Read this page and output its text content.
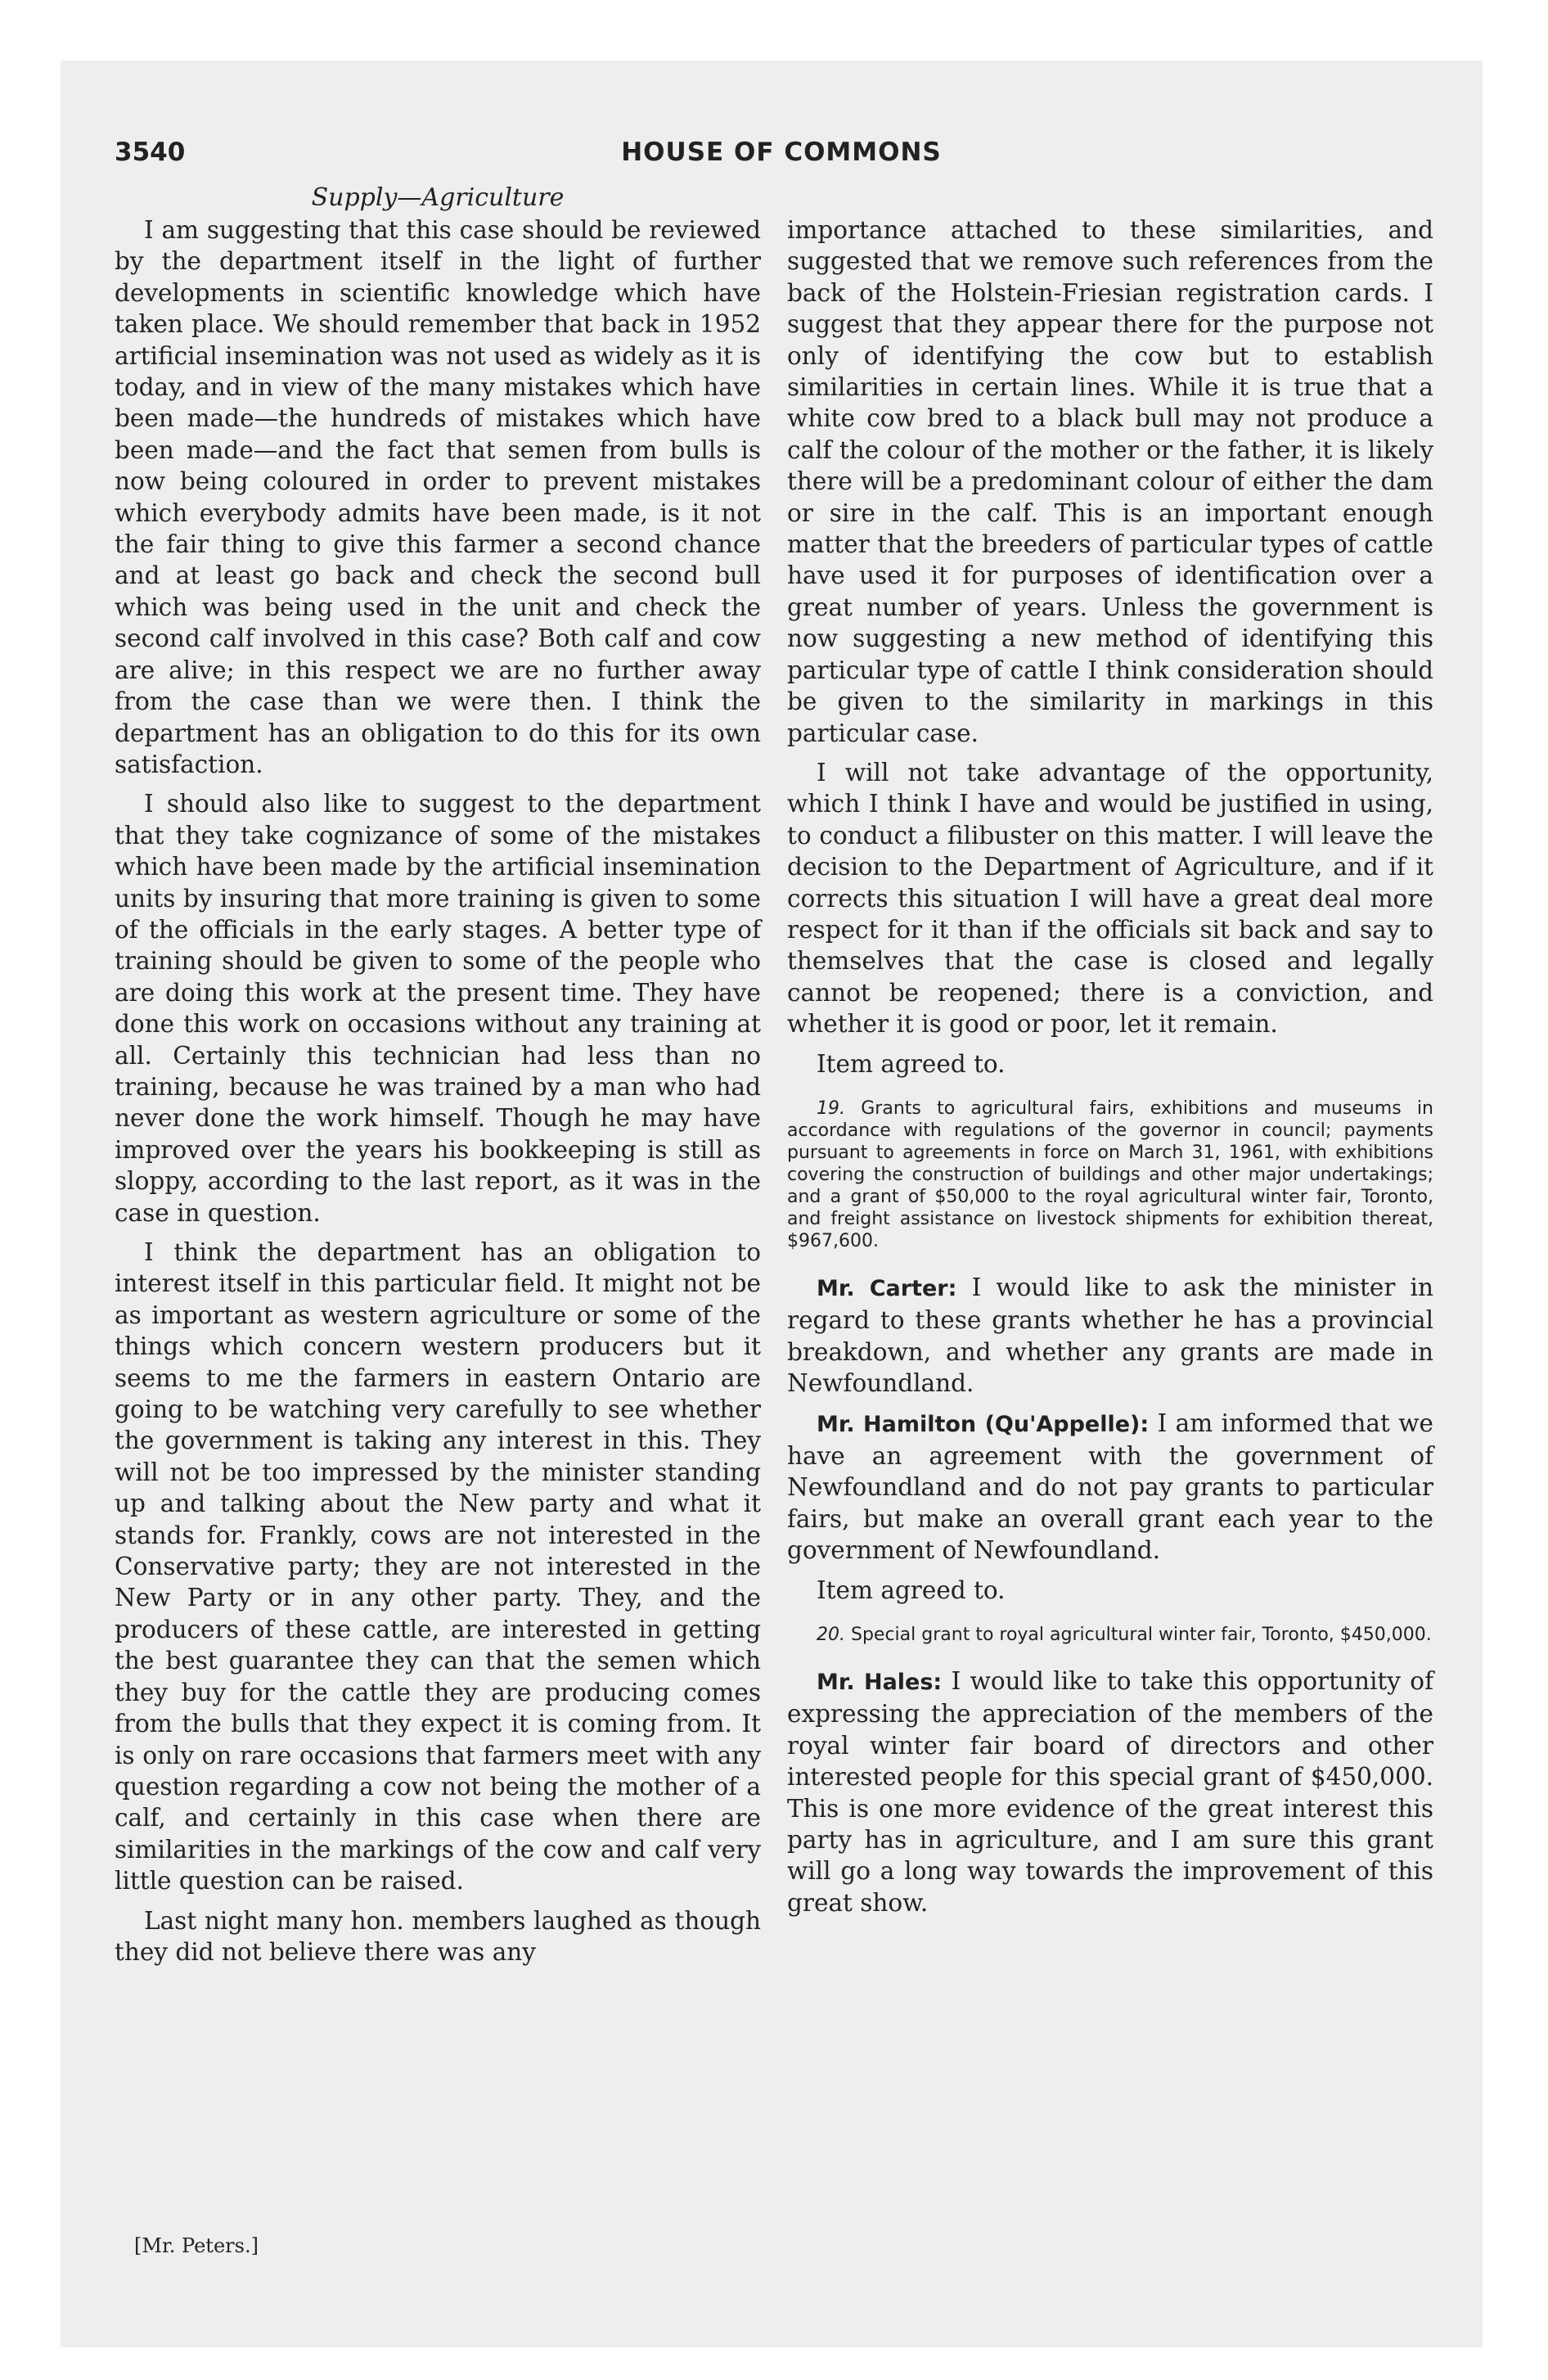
3540	HOUSE OF COMMONS
Supply—Agriculture

I am suggesting that this case should be reviewed by the department itself in the light of further developments in scientific knowledge which have taken place. We should remember that back in 1952 artificial insemination was not used as widely as it is today, and in view of the many mistakes which have been made—the hundreds of mistakes which have been made—and the fact that semen from bulls is now being coloured in order to prevent mistakes which everybody admits have been made, is it not the fair thing to give this farmer a second chance and at least go back and check the second bull which was being used in the unit and check the second calf involved in this case? Both calf and cow are alive; in this respect we are no further away from the case than we were then. I think the department has an obligation to do this for its own satisfaction.

I should also like to suggest to the department that they take cognizance of some of the mistakes which have been made by the artificial insemination units by insuring that more training is given to some of the officials in the early stages. A better type of training should be given to some of the people who are doing this work at the present time. They have done this work on occasions without any training at all. Certainly this technician had less than no training, because he was trained by a man who had never done the work himself. Though he may have improved over the years his bookkeeping is still as sloppy, according to the last report, as it was in the case in question.

I think the department has an obligation to interest itself in this particular field. It might not be as important as western agriculture or some of the things which concern western producers but it seems to me the farmers in eastern Ontario are going to be watching very carefully to see whether the government is taking any interest in this. They will not be too impressed by the minister standing up and talking about the New party and what it stands for. Frankly, cows are not interested in the Conservative party; they are not interested in the New Party or in any other party. They, and the producers of these cattle, are interested in getting the best guarantee they can that the semen which they buy for the cattle they are producing comes from the bulls that they expect it is coming from. It is only on rare occasions that farmers meet with any question regarding a cow not being the mother of a calf, and certainly in this case when there are similarities in the markings of the cow and calf very little question can be raised.

Last night many hon. members laughed as though they did not believe there was any

importance attached to these similarities, and suggested that we remove such references from the back of the Holstein-Friesian registration cards. I suggest that they appear there for the purpose not only of identifying the cow but to establish similarities in certain lines. While it is true that a white cow bred to a black bull may not produce a calf the colour of the mother or the father, it is likely there will be a predominant colour of either the dam or sire in the calf. This is an important enough matter that the breeders of particular types of cattle have used it for purposes of identification over a great number of years. Unless the government is now suggesting a new method of identifying this particular type of cattle I think consideration should be given to the similarity in markings in this particular case.

I will not take advantage of the opportunity, which I think I have and would be justified in using, to conduct a filibuster on this matter. I will leave the decision to the Department of Agriculture, and if it corrects this situation I will have a great deal more respect for it than if the officials sit back and say to themselves that the case is closed and legally cannot be reopened; there is a conviction, and whether it is good or poor, let it remain.

Item agreed to.

19. Grants to agricultural fairs, exhibitions and museums in accordance with regulations of the governor in council; payments pursuant to agreements in force on March 31, 1961, with exhibitions covering the construction of buildings and other major undertakings; and a grant of $50,000 to the royal agricultural winter fair, Toronto, and freight assistance on livestock shipments for exhibition thereat, $967,600.

Mr. Carter: I would like to ask the minister in regard to these grants whether he has a provincial breakdown, and whether any grants are made in Newfoundland.

Mr. Hamilton (Qu'Appelle): I am informed that we have an agreement with the government of Newfoundland and do not pay grants to particular fairs, but make an overall grant each year to the government of Newfoundland.

Item agreed to.

20. Special grant to royal agricultural winter fair, Toronto, $450,000.

Mr. Hales: I would like to take this opportunity of expressing the appreciation of the members of the royal winter fair board of directors and other interested people for this special grant of $450,000. This is one more evidence of the great interest this party has in agriculture, and I am sure this grant will go a long way towards the improvement of this great show.

[Mr. Peters.]
